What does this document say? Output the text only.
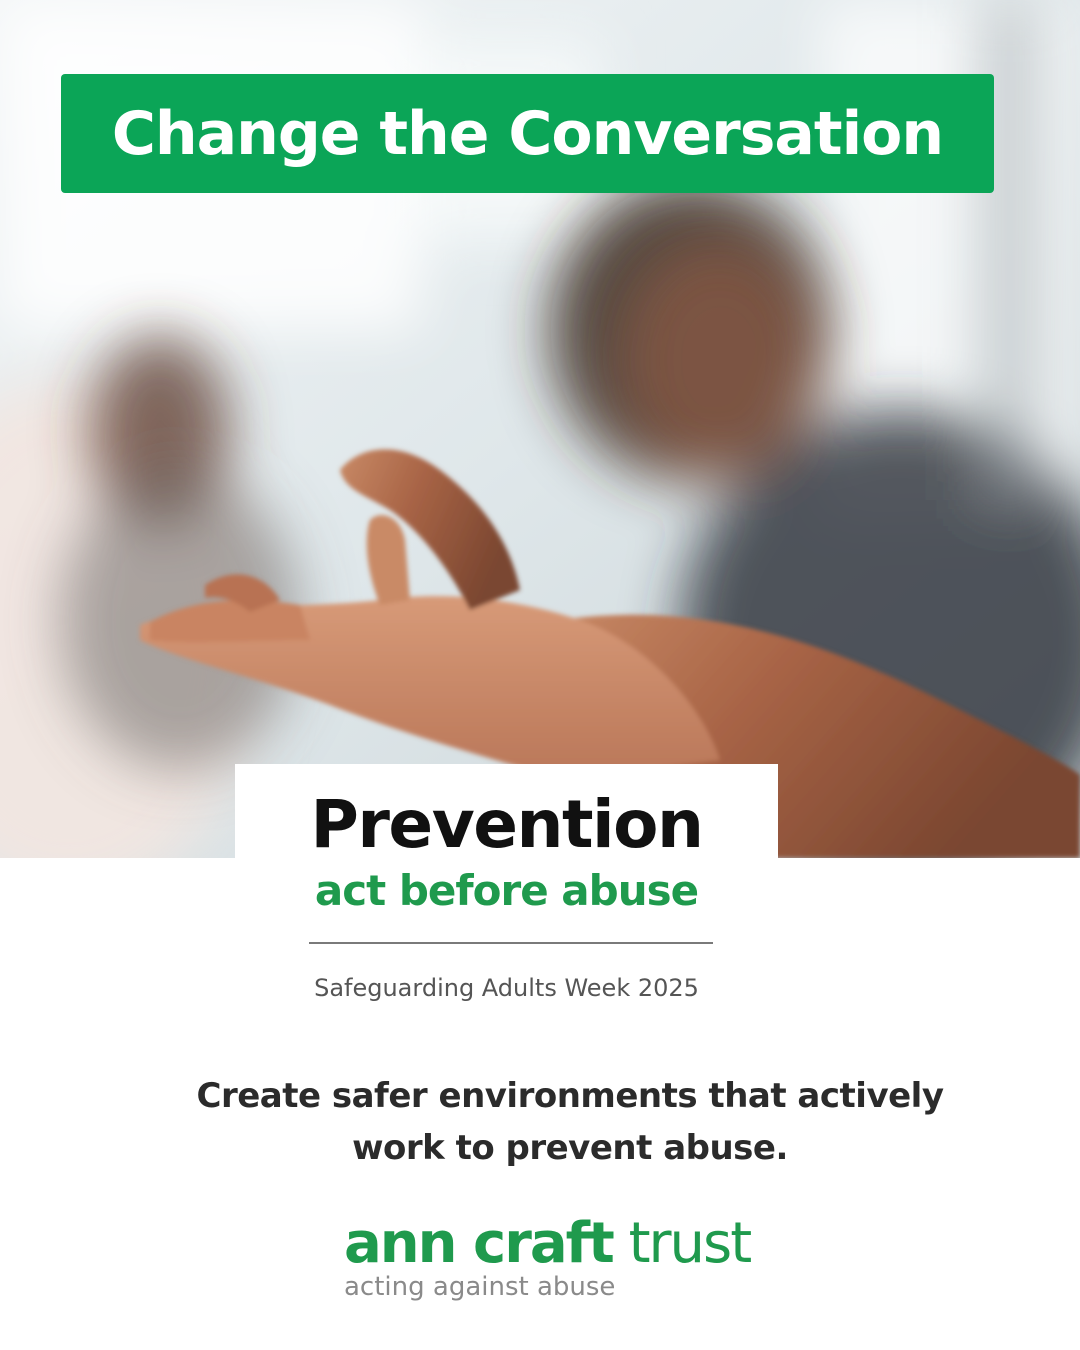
Change the Conversation
Prevention
act before abuse
Safeguarding Adults Week 2025
Create safer environments that actively
work to prevent abuse.
ann craft trust
acting against abuse
